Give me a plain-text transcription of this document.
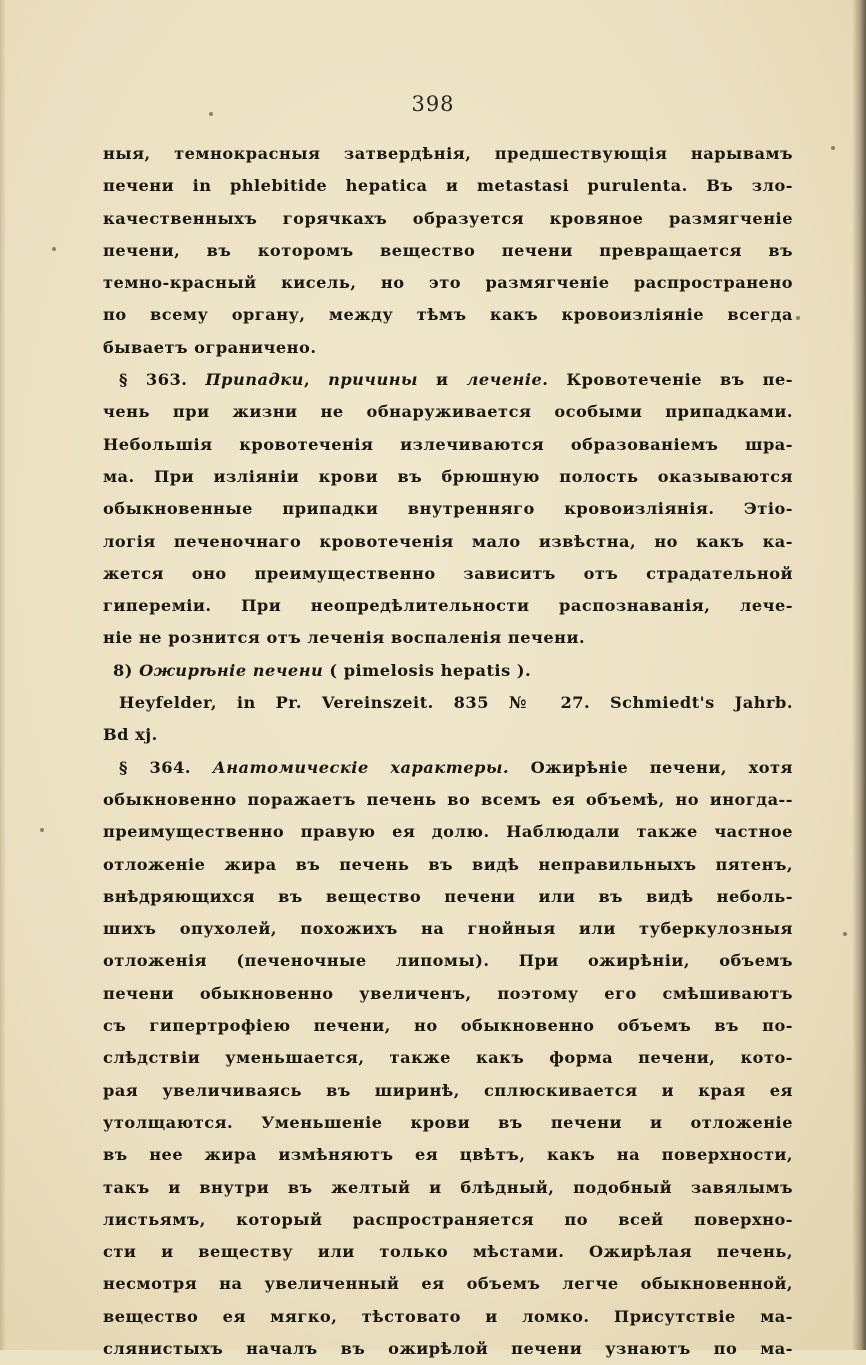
398
ныя, темнокрасныя затвердѣнія, предшествующія нарывамъ
печени in phlebitide hepatica и metastasi purulenta. Въ зло-
качественныхъ горячкахъ образуется кровяное размягченіе
печени, въ которомъ вещество печени превращается въ
темно-красный кисель, но это размягченіе распространено
по всему органу, между тѣмъ какъ кровоизліяніе всегда
бываетъ ограничено.
§ 363. Припадки, причины и леченіе. Кровотеченіе въ пе-
чень при жизни не обнаруживается особыми припадками.
Небольшія кровотеченія излечиваются образованіемъ шра-
ма. При изліяніи крови въ брюшную полость оказываются
обыкновенные припадки внутренняго кровоизліянія. Этіо-
логія печеночнаго кровотеченія мало извѣстна, но какъ ка-
жется оно преимущественно зависитъ отъ страдательной
гипереміи. При неопредѣлительности распознаванія, лече-
ніе не рознится отъ леченія воспаленія печени.
8) Ожирѣніе печени ( pimelosis hepatis ).
Heyfelder, in Pr. Vereinszeit. 835 № 27. Schmiedt's Jahrb.
Bd xj.
§ 364. Анатомическіе характеры. Ожирѣніе печени, хотя
обыкновенно поражаетъ печень во всемъ ея объемѣ, но иногда--
преимущественно правую ея долю. Наблюдали также частное
отложеніе жира въ печень въ видѣ неправильныхъ пятенъ,
внѣдряющихся въ вещество печени или въ видѣ неболь-
шихъ опухолей, похожихъ на гнойныя или туберкулозныя
отложенія (печеночные липомы). При ожирѣніи, объемъ
печени обыкновенно увеличенъ, поэтому его смѣшиваютъ
съ гипертрофіею печени, но обыкновенно объемъ въ по-
слѣдствіи уменьшается, также какъ форма печени, кото-
рая увеличиваясь въ ширинѣ, сплюскивается и края ея
утолщаются. Уменьшеніе крови въ печени и отложеніе
въ нее жира измѣняютъ ея цвѣтъ, какъ на поверхности,
такъ и внутри въ желтый и блѣдный, подобный завялымъ
листьямъ, который распространяется по всей поверхно-
сти и веществу или только мѣстами. Ожирѣлая печень,
несмотря на увеличенный ея объемъ легче обыкновенной,
вещество ея мягко, тѣстовато и ломко. Присутствіе ма-
слянистыхъ началъ въ ожирѣлой печени узнаютъ по ма-
